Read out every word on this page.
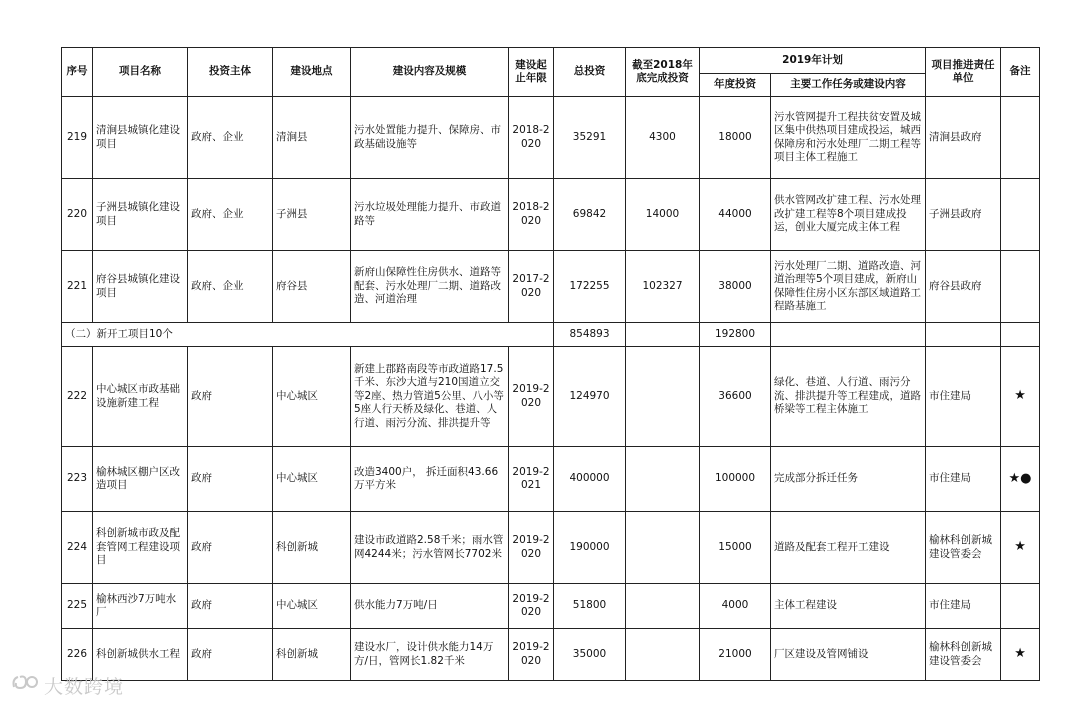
序号	项目名称	投资主体	建设地点	建设内容及规模	建设起止年限	总投资	截至2018年底完成投资	2019年计划		项目推进责任单位	备注
								年度投资	主要工作任务或建设内容		
219	清涧县城镇化建设项目	政府、企业	清涧县	污水处置能力提升、保障房、市政基础设施等	2018-2020	35291	4300	18000	污水管网提升工程扶贫安置及城区集中供热项目建成投运，城西保障房和污水处理厂二期工程等项目主体工程施工	清涧县政府	
220	子洲县城镇化建设项目	政府、企业	子洲县	污水垃圾处理能力提升、市政道路等	2018-2020	69842	14000	44000	供水管网改扩建工程、污水处理改扩建工程等8个项目建成投运，创业大厦完成主体工程	子洲县政府	
221	府谷县城镇化建设项目	政府、企业	府谷县	新府山保障性住房供水、道路等配套、污水处理厂二期、道路改造、河道治理	2017-2020	172255	102327	38000	污水处理厂二期、道路改造、河道治理等5个项目建成，新府山保障性住房小区东部区域道路工程路基施工	府谷县政府	
（二）新开工项目10个						854893		192800			
222	中心城区市政基础设施新建工程	政府	中心城区	新建上郡路南段等市政道路17.5千米、东沙大道与210国道立交等2座、热力管道5公里、八小等5座人行天桥及绿化、巷道、人行道、雨污分流、排洪提升等	2019-2020	124970		36600	绿化、巷道、人行道、雨污分流、排洪提升等工程建成，道路桥梁等工程主体施工	市住建局	★
223	榆林城区棚户区改造项目	政府	中心城区	改造3400户， 拆迁面积43.66万平方米	2019-2021	400000		100000	完成部分拆迁任务	市住建局	★●
224	科创新城市政及配套管网工程建设项目	政府	科创新城	建设市政道路2.58千米；雨水管网4244米；污水管网长7702米	2019-2020	190000		15000	道路及配套工程开工建设	榆林科创新城建设管委会	★
225	榆林西沙7万吨水厂	政府	中心城区	供水能力7万吨/日	2019-2020	51800		4000	主体工程建设	市住建局	
226	科创新城供水工程	政府	科创新城	建设水厂，设计供水能力14万方/日，管网长1.82千米	2019-2020	35000		21000	厂区建设及管网铺设	榆林科创新城建设管委会	★
大数跨境
